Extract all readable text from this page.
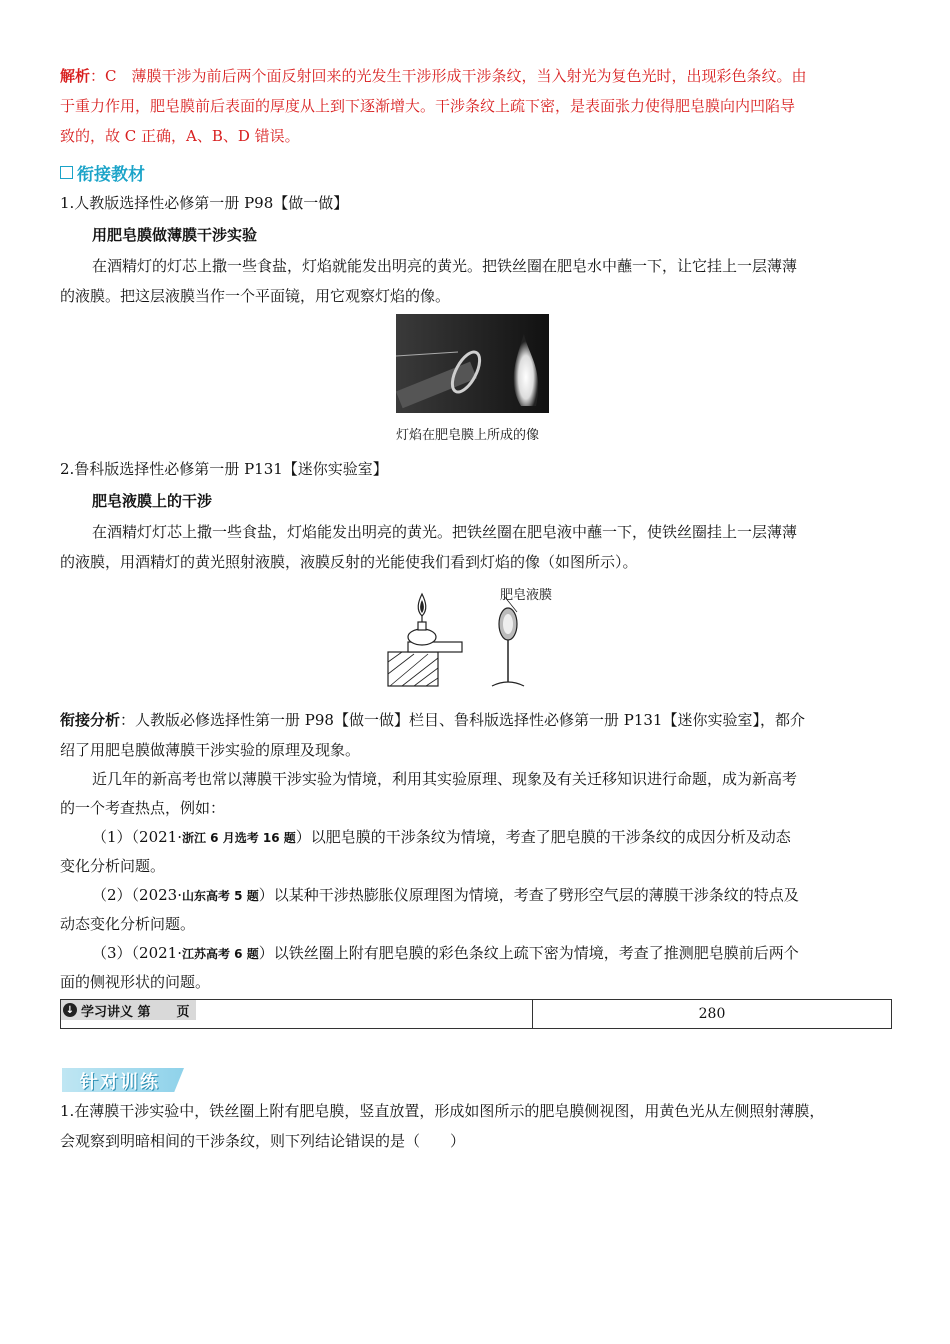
解析：C　薄膜干涉为前后两个面反射回来的光发生干涉形成干涉条纹，当入射光为复色光时，出现彩色条纹。由
于重力作用，肥皂膜前后表面的厚度从上到下逐渐增大。干涉条纹上疏下密，是表面张力使得肥皂膜向内凹陷导
致的，故 C 正确，A、B、D 错误。
衔接教材
1.人教版选择性必修第一册 P98【做一做】
用肥皂膜做薄膜干涉实验
在酒精灯的灯芯上撒一些食盐，灯焰就能发出明亮的黄光。把铁丝圈在肥皂水中蘸一下，让它挂上一层薄薄
的液膜。把这层液膜当作一个平面镜，用它观察灯焰的像。
灯焰在肥皂膜上所成的像
2.鲁科版选择性必修第一册 P131【迷你实验室】
肥皂液膜上的干涉
在酒精灯灯芯上撒一些食盐，灯焰能发出明亮的黄光。把铁丝圈在肥皂液中蘸一下，使铁丝圈挂上一层薄薄
的液膜，用酒精灯的黄光照射液膜，液膜反射的光能使我们看到灯焰的像（如图所示）。
肥皂液膜
衔接分析：人教版必修选择性第一册 P98【做一做】栏目、鲁科版选择性必修第一册 P131【迷你实验室】，都介
绍了用肥皂膜做薄膜干涉实验的原理及现象。
近几年的新高考也常以薄膜干涉实验为情境，利用其实验原理、现象及有关迁移知识进行命题，成为新高考
的一个考查热点，例如：
（1）（2021·浙江 6 月选考 16 题）以肥皂膜的干涉条纹为情境，考查了肥皂膜的干涉条纹的成因分析及动态
变化分析问题。
（2）（2023·山东高考 5 题）以某种干涉热膨胀仪原理图为情境，考查了劈形空气层的薄膜干涉条纹的特点及
动态变化分析问题。
（3）（2021·江苏高考 6 题）以铁丝圈上附有肥皂膜的彩色条纹上疏下密为情境，考查了推测肥皂膜前后两个
面的侧视形状的问题。
↓ 学习讲义 第　　页	280
针对训练
1.在薄膜干涉实验中，铁丝圈上附有肥皂膜，竖直放置，形成如图所示的肥皂膜侧视图，用黄色光从左侧照射薄膜，
会观察到明暗相间的干涉条纹，则下列结论错误的是（　　）
